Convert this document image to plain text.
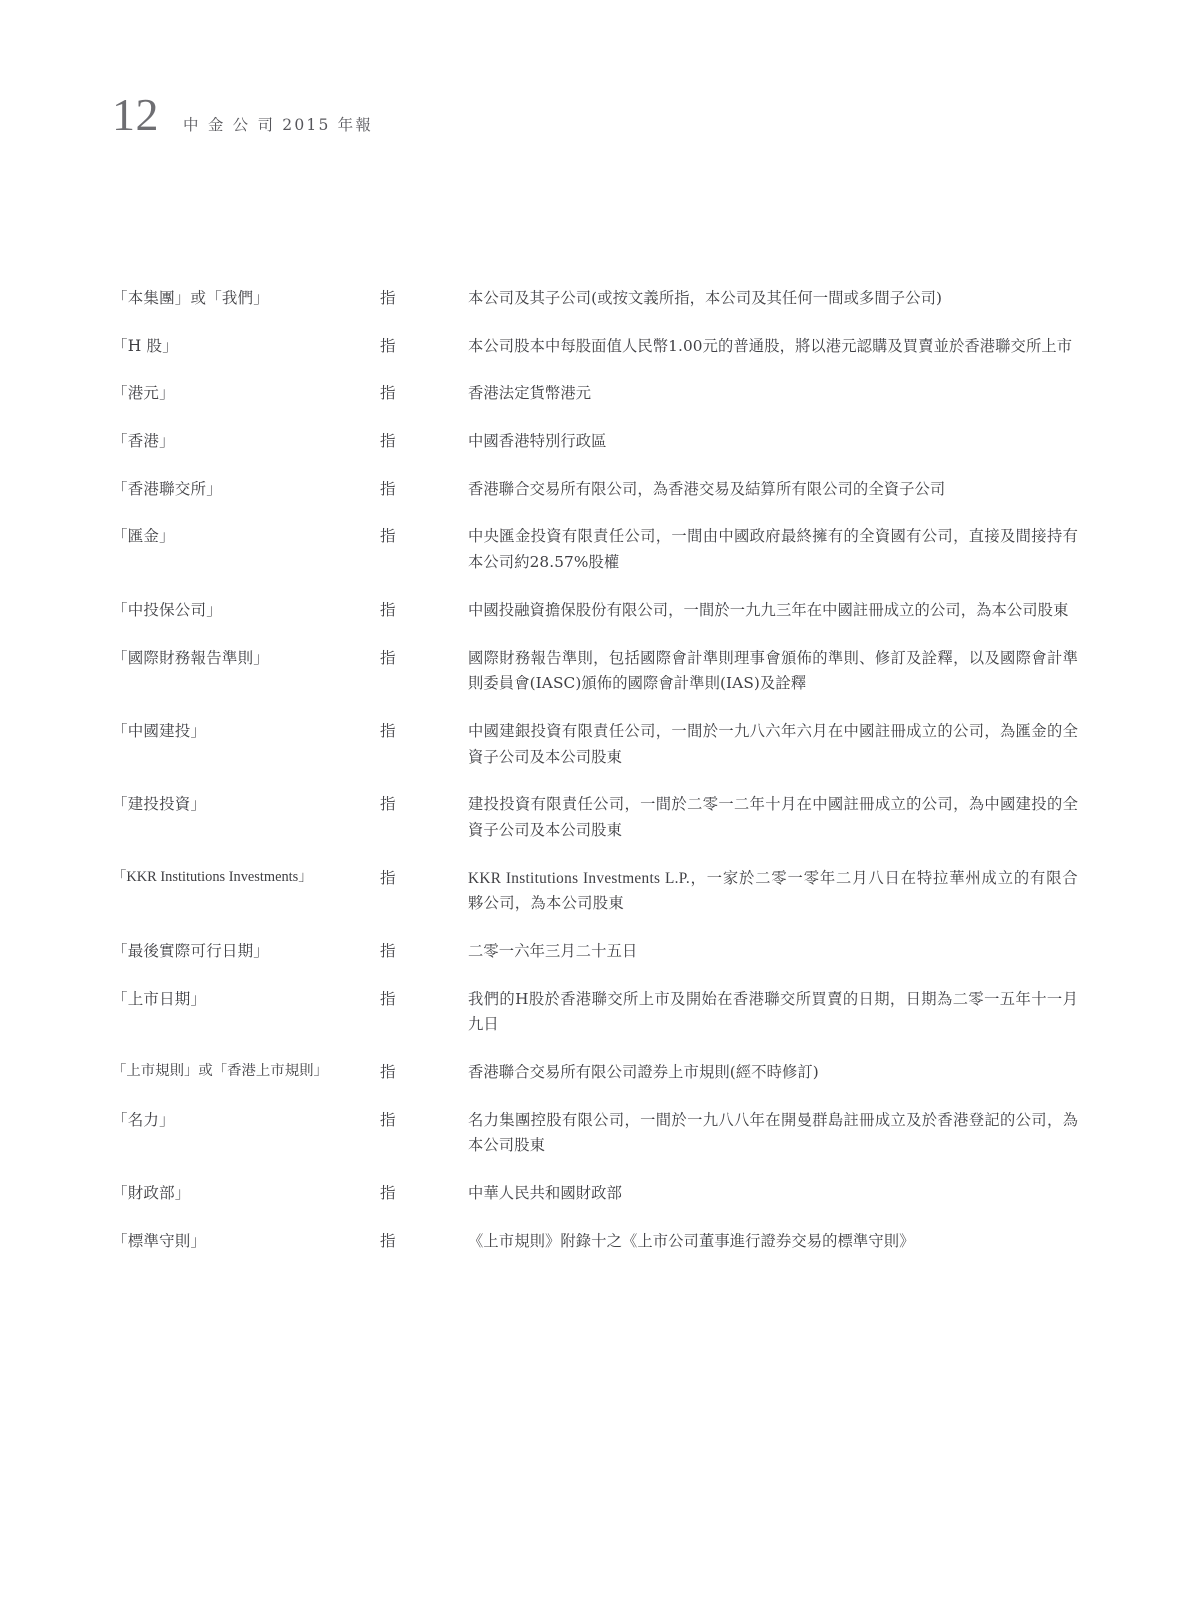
12 中 金 公 司 2015 年報
「本集團」或「我們」	指	本公司及其子公司(或按文義所指，本公司及其任何一間或多間子公司)
「H 股」	指	本公司股本中每股面值人民幣1.00元的普通股，將以港元認購及買賣並於香港聯交所上市
「港元」	指	香港法定貨幣港元
「香港」	指	中國香港特別行政區
「香港聯交所」	指	香港聯合交易所有限公司，為香港交易及結算所有限公司的全資子公司
「匯金」	指	中央匯金投資有限責任公司，一間由中國政府最終擁有的全資國有公司，直接及間接持有本公司約28.57%股權
「中投保公司」	指	中國投融資擔保股份有限公司，一間於一九九三年在中國註冊成立的公司，為本公司股東
「國際財務報告準則」	指	國際財務報告準則，包括國際會計準則理事會頒佈的準則、修訂及詮釋，以及國際會計準則委員會(IASC)頒佈的國際會計準則(IAS)及詮釋
「中國建投」	指	中國建銀投資有限責任公司，一間於一九八六年六月在中國註冊成立的公司，為匯金的全資子公司及本公司股東
「建投投資」	指	建投投資有限責任公司，一間於二零一二年十月在中國註冊成立的公司，為中國建投的全資子公司及本公司股東
「KKR Institutions Investments」	指	KKR Institutions Investments L.P.，一家於二零一零年二月八日在特拉華州成立的有限合夥公司，為本公司股東
「最後實際可行日期」	指	二零一六年三月二十五日
「上市日期」	指	我們的H股於香港聯交所上市及開始在香港聯交所買賣的日期，日期為二零一五年十一月九日
「上市規則」或「香港上市規則」	指	香港聯合交易所有限公司證券上市規則(經不時修訂)
「名力」	指	名力集團控股有限公司，一間於一九八八年在開曼群島註冊成立及於香港登記的公司，為本公司股東
「財政部」	指	中華人民共和國財政部
「標準守則」	指	《上市規則》附錄十之《上市公司董事進行證券交易的標準守則》
